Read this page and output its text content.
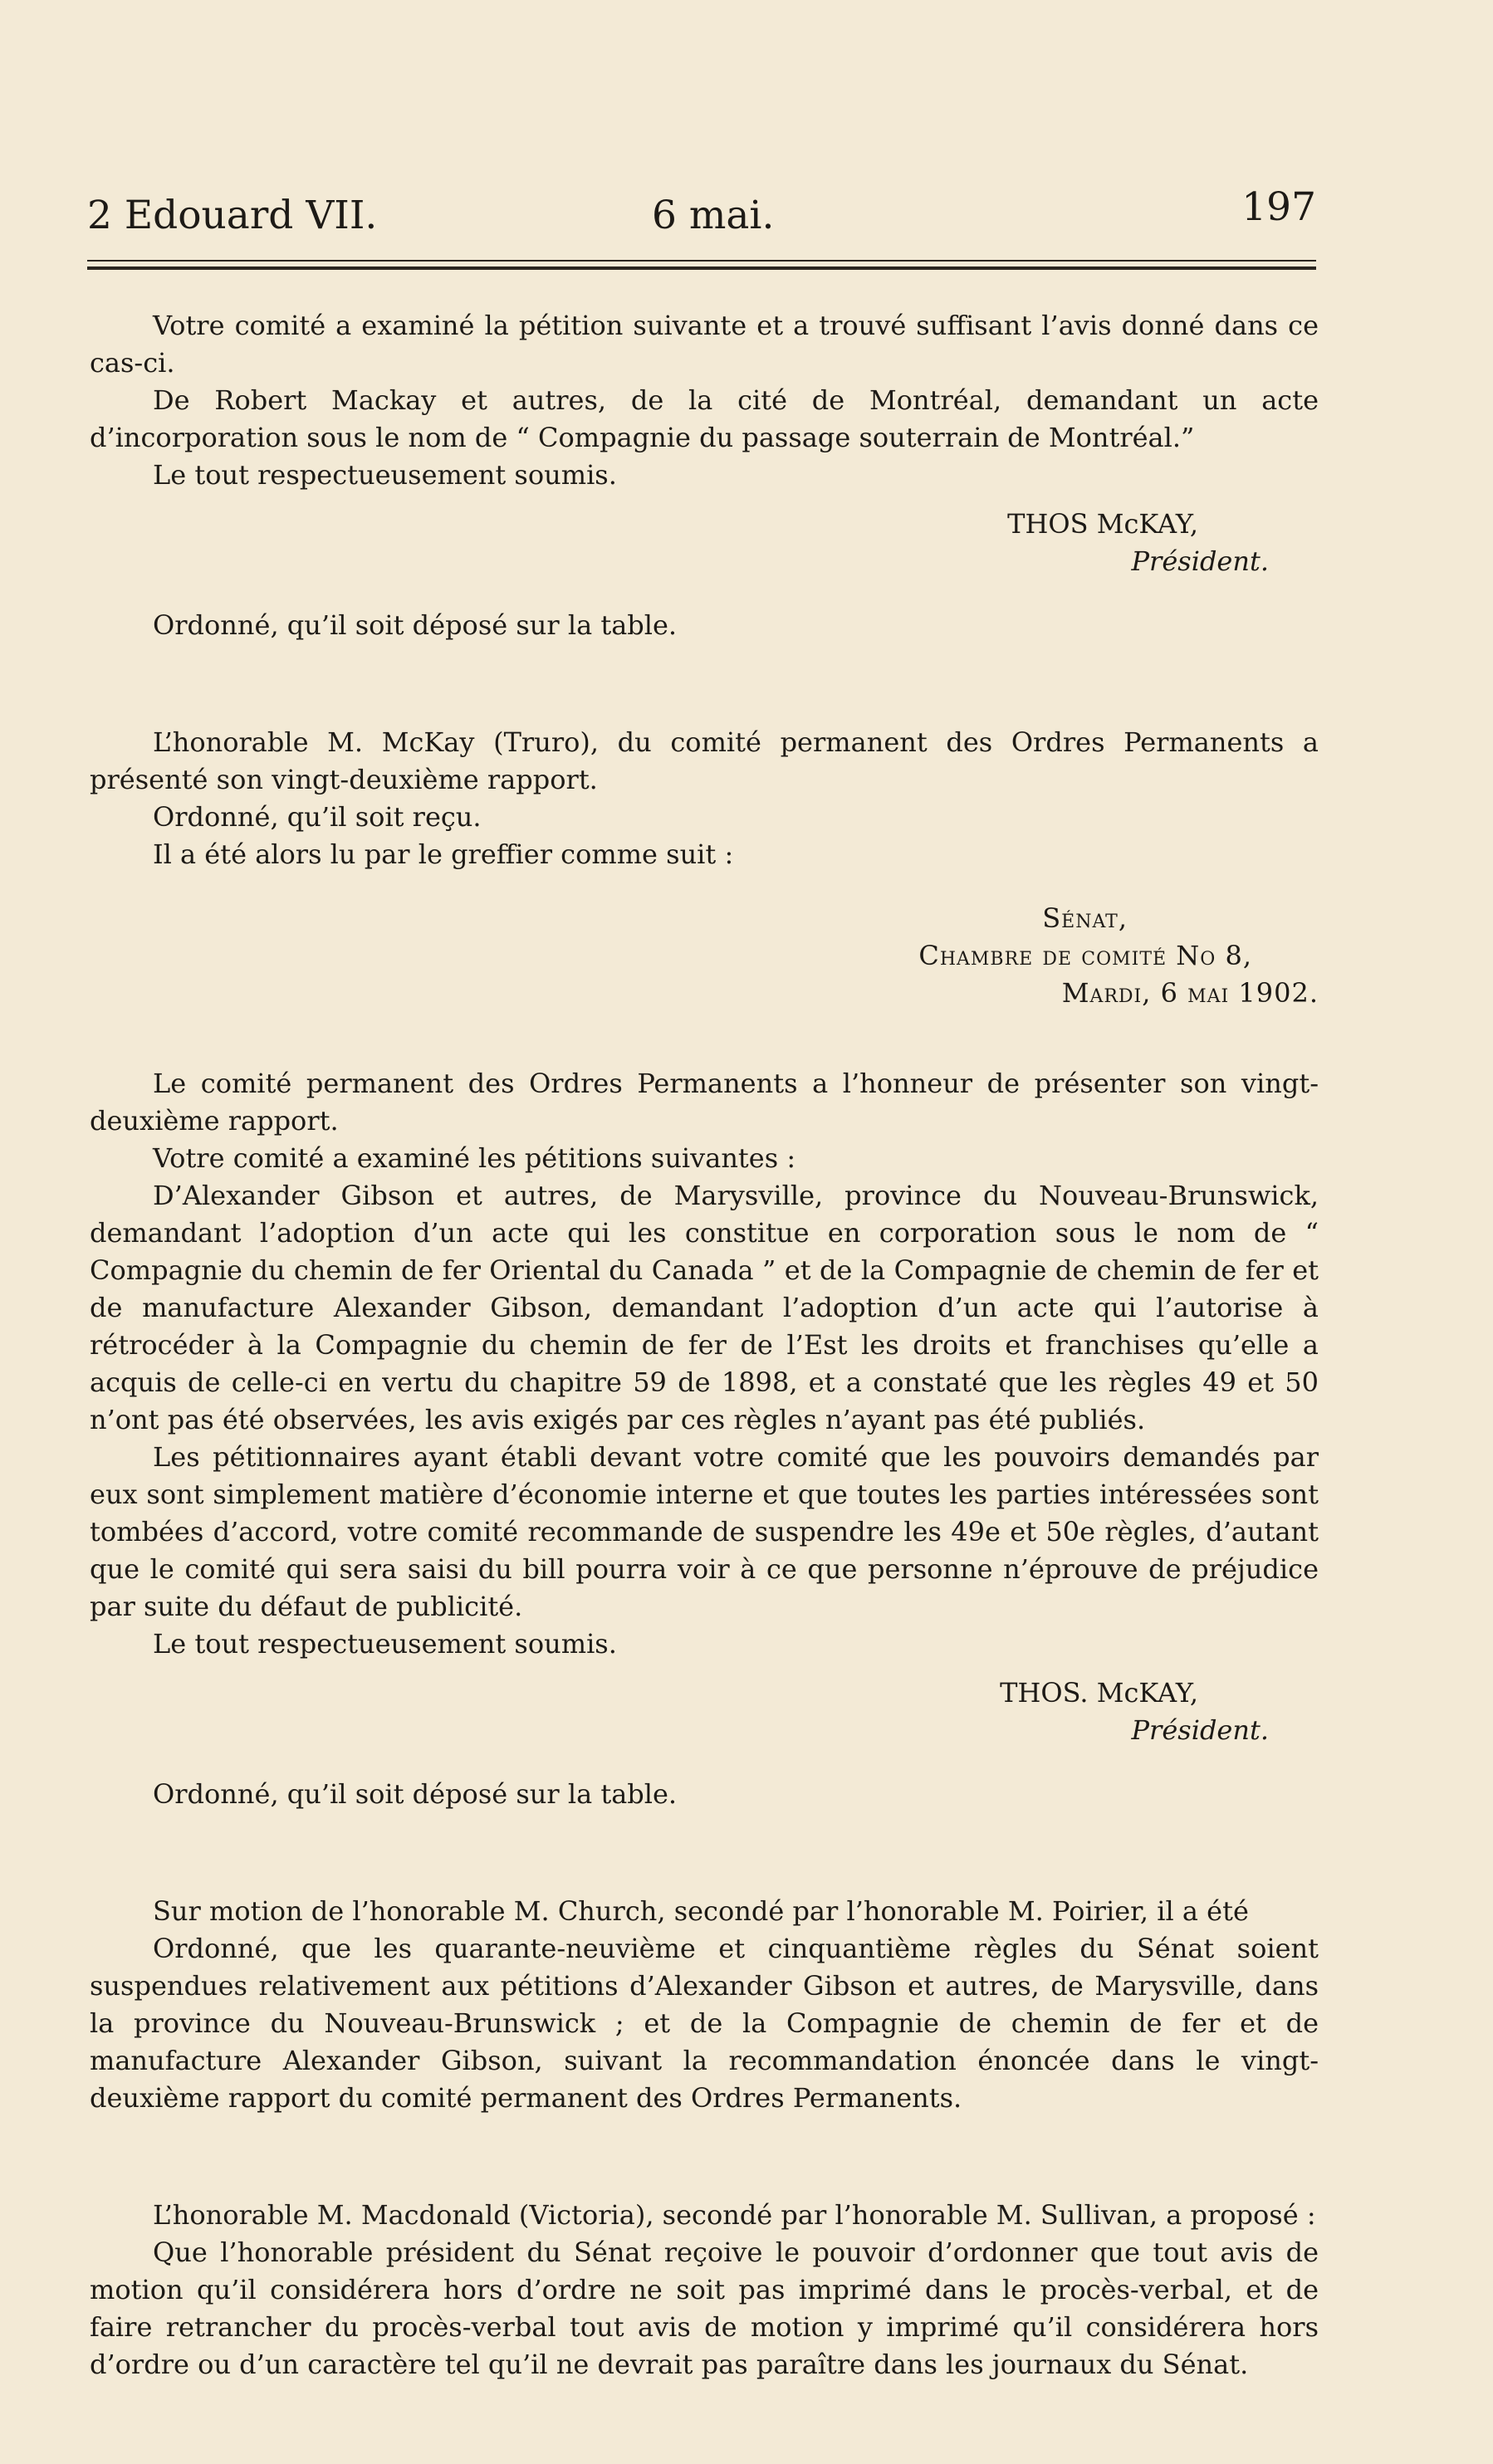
2 Edouard VII.	6 mai.	197

Votre comité a examiné la pétition suivante et a trouvé suffisant l’avis donné dans ce cas-ci.

De Robert Mackay et autres, de la cité de Montréal, demandant un acte d’incorporation sous le nom de “ Compagnie du passage souterrain de Montréal.”

Le tout respectueusement soumis.

THOS McKAY,

Président.

Ordonné, qu’il soit déposé sur la table.

L’honorable M. McKay (Truro), du comité permanent des Ordres Permanents a présenté son vingt-deuxième rapport.

Ordonné, qu’il soit reçu.

Il a été alors lu par le greffier comme suit :

Sénat,

Chambre de comité No 8,

Mardi, 6 mai 1902.

Le comité permanent des Ordres Permanents a l’honneur de présenter son vingt-deuxième rapport.

Votre comité a examiné les pétitions suivantes :

D’Alexander Gibson et autres, de Marysville, province du Nouveau-Brunswick, demandant l’adoption d’un acte qui les constitue en corporation sous le nom de “ Compagnie du chemin de fer Oriental du Canada ” et de la Compagnie de chemin de fer et de manufacture Alexander Gibson, demandant l’adoption d’un acte qui l’autorise à rétrocéder à la Compagnie du chemin de fer de l’Est les droits et franchises qu’elle a acquis de celle-ci en vertu du chapitre 59 de 1898, et a constaté que les règles 49 et 50 n’ont pas été observées, les avis exigés par ces règles n’ayant pas été publiés.

Les pétitionnaires ayant établi devant votre comité que les pouvoirs demandés par eux sont simplement matière d’économie interne et que toutes les parties intéressées sont tombées d’accord, votre comité recommande de suspendre les 49e et 50e règles, d’autant que le comité qui sera saisi du bill pourra voir à ce que personne n’éprouve de préjudice par suite du défaut de publicité.

Le tout respectueusement soumis.

THOS. McKAY,

Président.

Ordonné, qu’il soit déposé sur la table.

Sur motion de l’honorable M. Church, secondé par l’honorable M. Poirier, il a été

Ordonné, que les quarante-neuvième et cinquantième règles du Sénat soient suspendues relativement aux pétitions d’Alexander Gibson et autres, de Marysville, dans la province du Nouveau-Brunswick ; et de la Compagnie de chemin de fer et de manufacture Alexander Gibson, suivant la recommandation énoncée dans le vingt-deuxième rapport du comité permanent des Ordres Permanents.

L’honorable M. Macdonald (Victoria), secondé par l’honorable M. Sullivan, a proposé :

Que l’honorable président du Sénat reçoive le pouvoir d’ordonner que tout avis de motion qu’il considérera hors d’ordre ne soit pas imprimé dans le procès-verbal, et de faire retrancher du procès-verbal tout avis de motion y imprimé qu’il considérera hors d’ordre ou d’un caractère tel qu’il ne devrait pas paraître dans les journaux du Sénat.
